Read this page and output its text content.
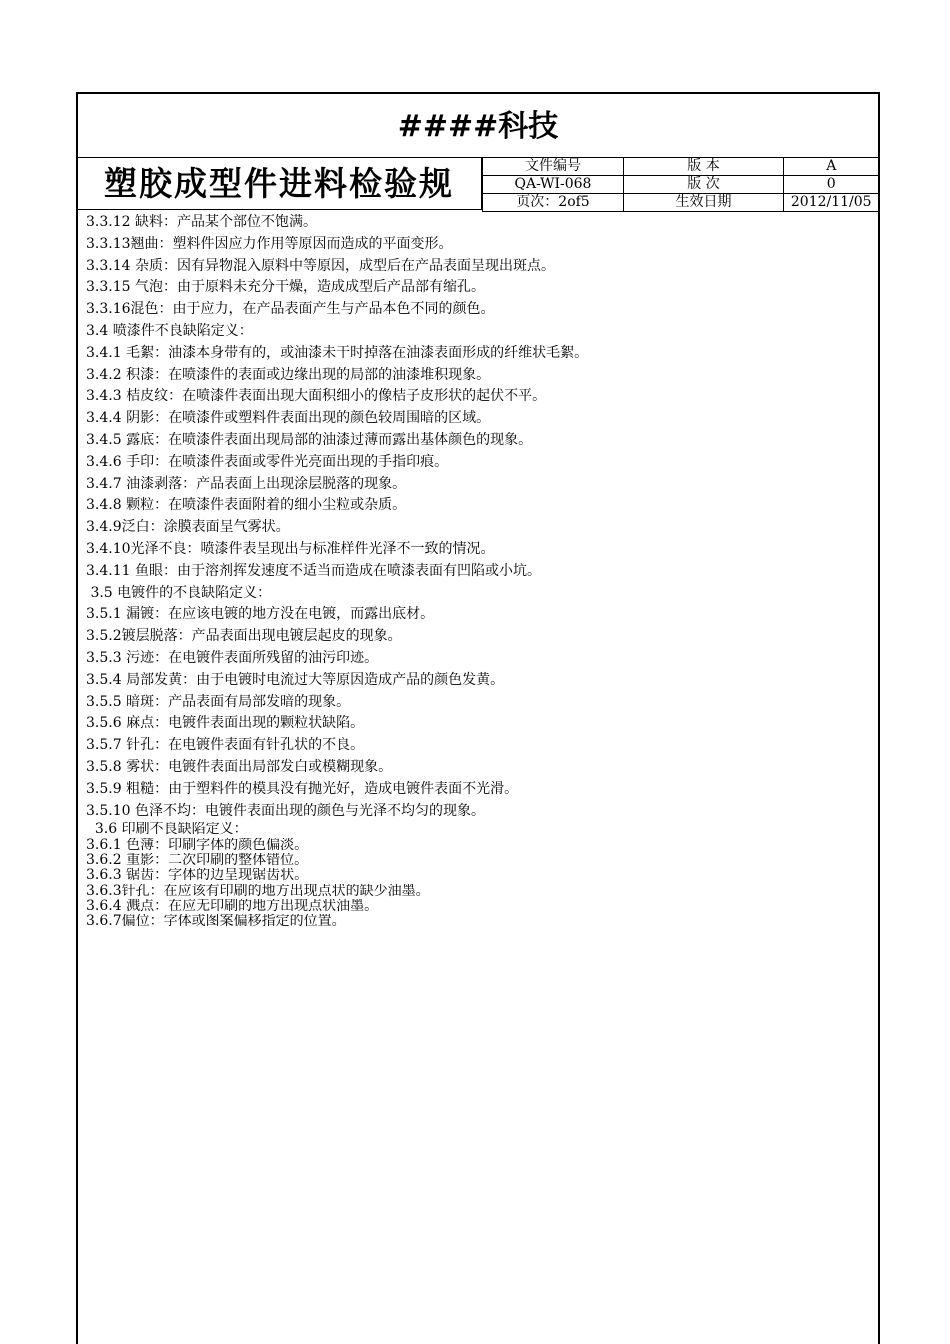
####科技
塑胶成型件进料检验规	文件编号	版 本	A
QA-WI-068	版 次	0
页次：2of5	生效日期	2012/11/05
3.3.12 缺料：产品某个部位不饱满。
3.3.13翘曲：塑料件因应力作用等原因而造成的平面变形。
3.3.14 杂质：因有异物混入原料中等原因，成型后在产品表面呈现出斑点。
3.3.15 气泡：由于原料未充分干燥，造成成型后产品部有缩孔。
3.3.16混色：由于应力，在产品表面产生与产品本色不同的颜色。
3.4 喷漆件不良缺陷定义：
3.4.1 毛絮：油漆本身带有的，或油漆未干时掉落在油漆表面形成的纤维状毛絮。
3.4.2 积漆：在喷漆件的表面或边缘出现的局部的油漆堆积现象。
3.4.3 桔皮纹：在喷漆件表面出现大面积细小的像桔子皮形状的起伏不平。
3.4.4 阴影：在喷漆件或塑料件表面出现的颜色较周围暗的区域。
3.4.5 露底：在喷漆件表面出现局部的油漆过薄而露出基体颜色的现象。
3.4.6 手印：在喷漆件表面或零件光亮面出现的手指印痕。
3.4.7 油漆剥落：产品表面上出现涂层脱落的现象。
3.4.8 颗粒：在喷漆件表面附着的细小尘粒或杂质。
3.4.9泛白：涂膜表面呈气雾状。
3.4.10光泽不良：喷漆件表呈现出与标准样件光泽不一致的情况。
3.4.11 鱼眼：由于溶剂挥发速度不适当而造成在喷漆表面有凹陷或小坑。
3.5 电镀件的不良缺陷定义：
3.5.1 漏镀：在应该电镀的地方没在电镀，而露出底材。
3.5.2镀层脱落：产品表面出现电镀层起皮的现象。
3.5.3 污迹：在电镀件表面所残留的油污印迹。
3.5.4 局部发黄：由于电镀时电流过大等原因造成产品的颜色发黄。
3.5.5 暗斑：产品表面有局部发暗的现象。
3.5.6 麻点：电镀件表面出现的颗粒状缺陷。
3.5.7 针孔：在电镀件表面有针孔状的不良。
3.5.8 雾状：电镀件表面出局部发白或模糊现象。
3.5.9 粗糙：由于塑料件的模具没有抛光好，造成电镀件表面不光滑。
3.5.10 色泽不均：电镀件表面出现的颜色与光泽不均匀的现象。
3.6 印刷不良缺陷定义：
3.6.1 色薄：印刷字体的颜色偏淡。
3.6.2 重影：二次印刷的整体错位。
3.6.3 锯齿：字体的边呈现锯齿状。
3.6.3针孔：在应该有印刷的地方出现点状的缺少油墨。
3.6.4 溅点：在应无印刷的地方出现点状油墨。
3.6.7偏位：字体或图案偏移指定的位置。
